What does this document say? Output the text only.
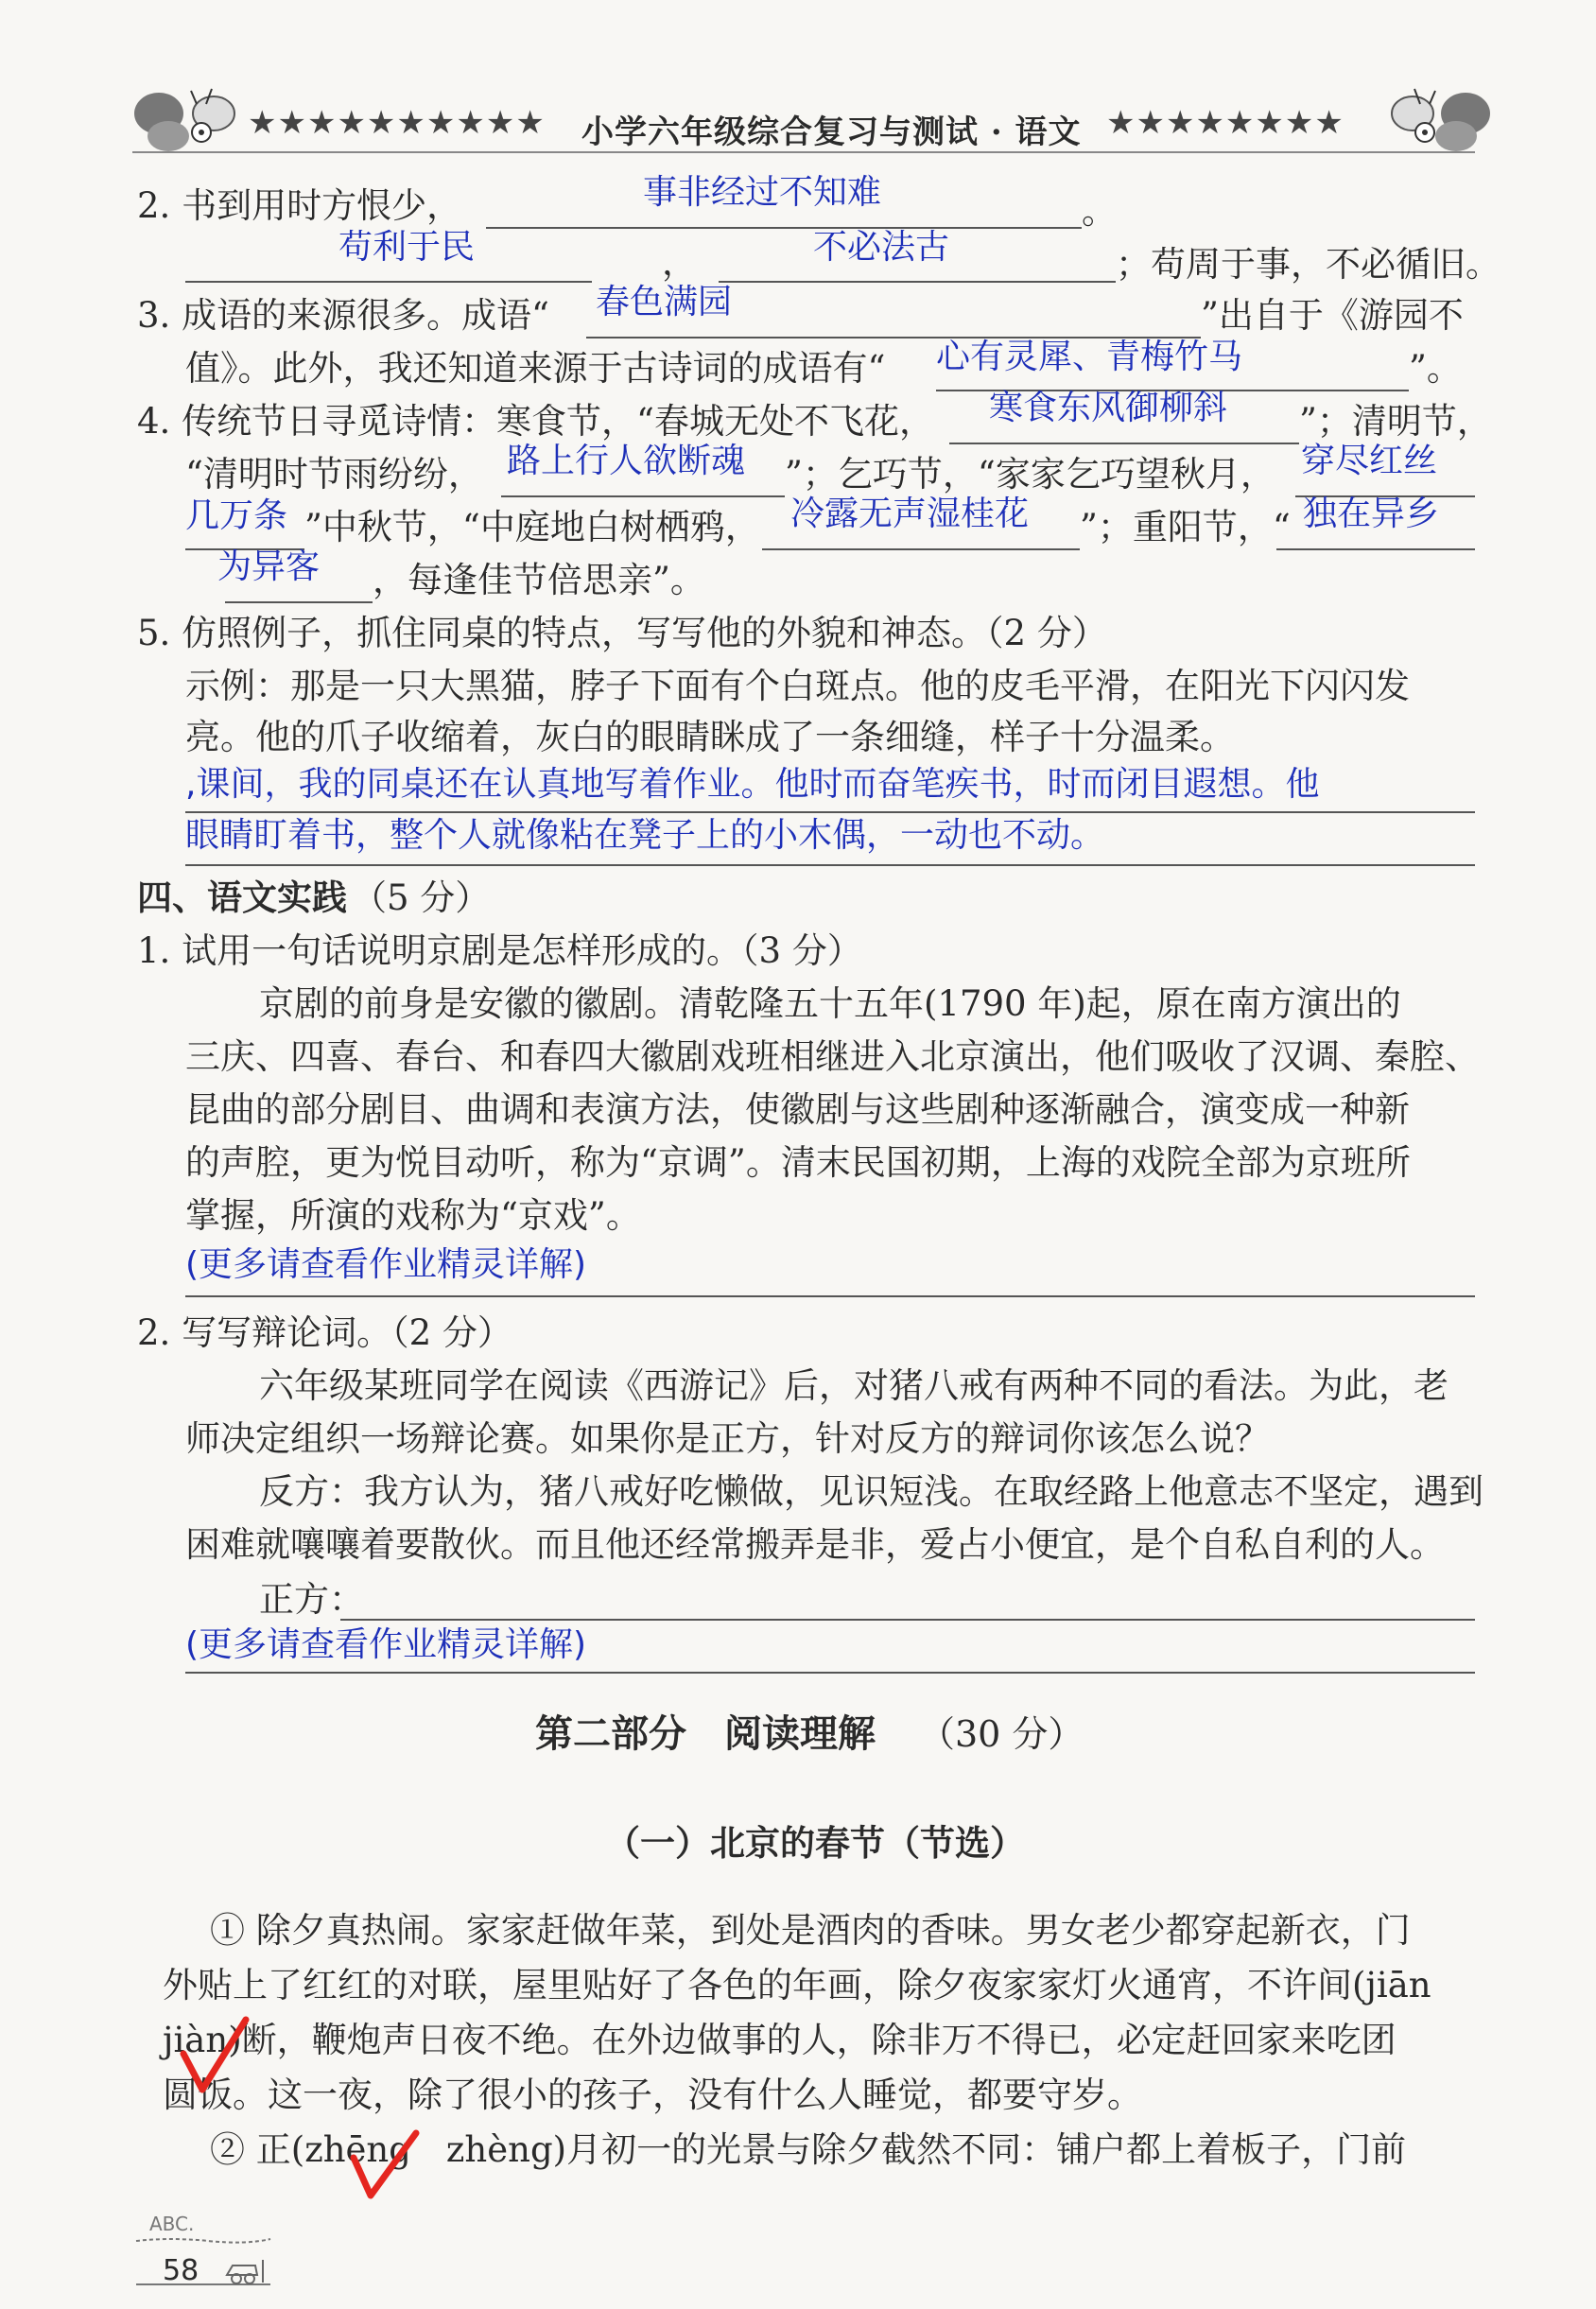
★★★★★★★★★★ 小学六年级综合复习与测试 · 语文 ★★★★★★★★
2. 书到用时方恨少，	事非经过不知难	。
苟利于民	，	不必法古	；苟周于事，不必循旧。
3. 成语的来源很多。成语“ 春色满园	”出自于《游园不
值》。此外，我还知道来源于古诗词的成语有“ 心有灵犀、青梅竹马	”。
4. 传统节日寻觅诗情：寒食节，“春城无处不飞花， 寒食东风御柳斜 ”；清明节，
“清明时节雨纷纷， 路上行人欲断魂 ”；乞巧节，“家家乞巧望秋月， 穿尽红丝
几万条 ”中秋节，“中庭地白树栖鸦， 冷露无声湿桂花 ”；重阳节，“ 独在异乡
为异客 ，每逢佳节倍思亲”。
5. 仿照例子，抓住同桌的特点，写写他的外貌和神态。（2 分）
示例：那是一只大黑猫，脖子下面有个白斑点。他的皮毛平滑，在阳光下闪闪发
亮。他的爪子收缩着，灰白的眼睛眯成了一条细缝，样子十分温柔。
,课间，我的同桌还在认真地写着作业。他时而奋笔疾书，时而闭目遐想。他
眼睛盯着书，整个人就像粘在凳子上的小木偶，一动也不动。
四、语文实践 （5 分）
1. 试用一句话说明京剧是怎样形成的。（3 分）
京剧的前身是安徽的徽剧。清乾隆五十五年(1790 年)起，原在南方演出的
三庆、四喜、春台、和春四大徽剧戏班相继进入北京演出，他们吸收了汉调、秦腔、
昆曲的部分剧目、曲调和表演方法，使徽剧与这些剧种逐渐融合，演变成一种新
的声腔，更为悦目动听，称为“京调”。清末民国初期，上海的戏院全部为京班所
掌握，所演的戏称为“京戏”。
(更多请查看作业精灵详解)
2. 写写辩论词。（2 分）
六年级某班同学在阅读《西游记》后，对猪八戒有两种不同的看法。为此，老
师决定组织一场辩论赛。如果你是正方，针对反方的辩词你该怎么说？
反方：我方认为，猪八戒好吃懒做，见识短浅。在取经路上他意志不坚定，遇到
困难就嚷嚷着要散伙。而且他还经常搬弄是非，爱占小便宜，是个自私自利的人。
正方：
(更多请查看作业精灵详解)
第二部分　阅读理解 （30 分）
（一）北京的春节（节选）
① 除夕真热闹。家家赶做年菜，到处是酒肉的香味。男女老少都穿起新衣，门
外贴上了红红的对联，屋里贴好了各色的年画，除夕夜家家灯火通宵，不许间(jiān
jiàn)断，鞭炮声日夜不绝。在外边做事的人，除非万不得已，必定赶回家来吃团
圆饭。这一夜，除了很小的孩子，没有什么人睡觉，都要守岁。
② 正(zhēng　zhèng)月初一的光景与除夕截然不同：铺户都上着板子，门前
ABC.
58
